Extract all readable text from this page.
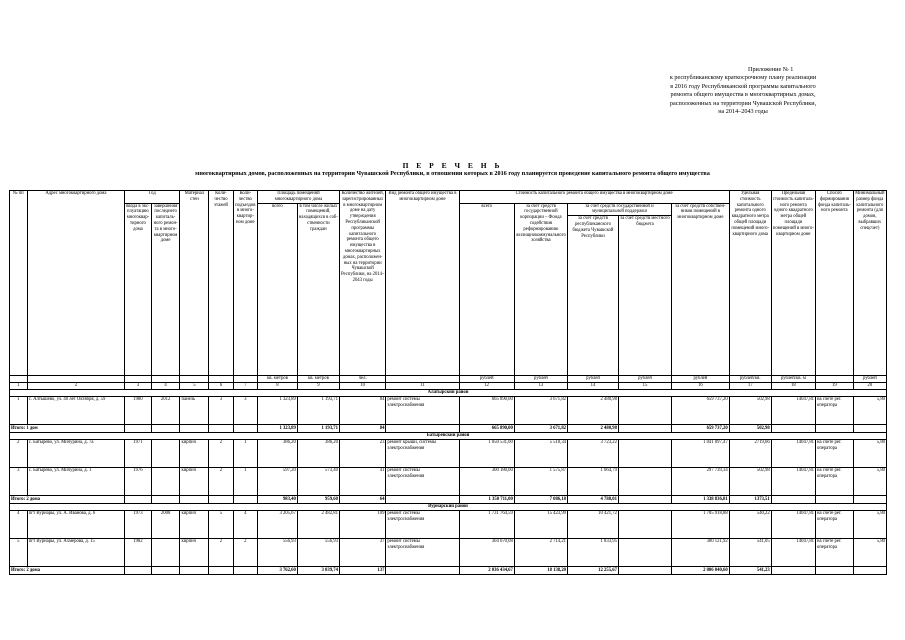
Приложение № 1
к республиканскому краткосрочному плану реализации
в 2016 году Республиканской программы капитального
ремонта общего имущества в многоквартирных домах,
расположенных на территории Чувашской Республики,
на 2014–2043 годы
П Е Р Е Ч Е Н Ь
многоквартирных домов, расположенных на территории Чувашской Республики, в отношении которых в 2016 году планируется проведение капитального ремонта общего имущества
№ пп	Адрес многоквартирного дома	Год		Материал стен	Количество этажей	Количество подъездов в многоквартирном доме	Площадь помещений многоквартирного дома		Количество жителей, зарегистрированных в многоквартирном доме на дату утверждения Республиканской программы капитального ремонта общего имущества в многоквартирных домах, расположенных на территории Чувашской Республики, на 2014–2043 годы	Вид ремонта общего имущества в многоквартирном доме	Стоимость капитального ремонта общего имущества в многоквартирном доме					Удельная стоимость капитального ремонта одного квадратного метра общей площади помещений многоквартирного дома	Предельная стоимость капитального ремонта одного квадратного метра общей площади помещений в многоквартирном доме	Способ формирования фонда капитального ремонта	Минимальный размер фонда капитального ремонта (для домов, выбравших спецсчет)
		ввода в эксплуатацию многоквартирного дома	завершения последнего капитального ремонта в многоквартирном доме				всего	в том числе жилых помещений, находящихся в собственности граждан			всего	за счет средств государственной корпорации – Фонда содействия реформированию жилищнокоммунального хозяйства	за счет средств государственной и муниципальной поддержки		за счет средств собственников помещений в многоквартирном доме				
													за счет средств республиканского бюджета Чувашской Республики	за счет средств местного бюджета					
							кв. метров	кв. метров	чел.		рублей	рублей	рублей	рублей	рублей	рублей/кв.	рублей/кв. м		рублей
1	2	3	4	5	6	7	8	9	10	11	12	13	14	15	16	17	18	19	20
Алатырский район																			
1	с. Алтышево, ул. 40 лет Октября, д. 59	1980	2012	панель	3	3	1 323,89	1 193,71	84	ремонт системы электроснабжения	665 890,00	3 671,82	2 480,98		659 737,20	502,98	14047,81	на счете рег. оператора	5,80
Итого: 1 дом							1 323,89	1 193,71	84		665 890,00	3 671,82	2 480,98		659 737,20	502,98			
Батыревский район																			
2	с. Батырево, ул. Мичурина, д. 7а	1971		кирпич	2	1	386,20	386,20	23	ремонт крыши, системы электроснабжения	1 050 531,00	5 510,34	3 723,22		1 041 097,47	2719,66	14047,81	на счете рег. оператора	5,80
3	с. Батырево, ул. Мичурина, д. 1	1976		кирпич	2	1	597,20	573,40	41	ремонт системы электроснабжения	300 180,00	1 575,87	1 064,79		297 739,34	502,98	14047,81	на счете рег. оператора	5,80
Итого: 2 дома							983,40	959,60	64		1 350 711,00	7 086,18	4 788,01		1 338 836,81	1373,51			
Вурнарский район																			
4	пгт Вурнары, ул. А. Иванова, д. 6	1973	2008	кирпич	5	4	3 205,67	2 482,81	109	ремонт системы электроснабжения	1 731 764,59	15 423,99	10 421,72		1 705 918,88	540,22	14047,81	на счете рег. оператора	5,80
5	пгт Вурнары, ул. Ахмерова, д. 15	1982		кирпич	2	2	556,93	556,93	37	ремонт системы электроснабжения	304 670,08	2 714,21	1 833,95		300 121,92	541,05	14047,81	на счете рег. оператора	5,80
Итого: 2 дома							3 762,60	3 039,74	137		2 036 434,67	18 138,20	12 255,67		2 006 040,60	541,23			
